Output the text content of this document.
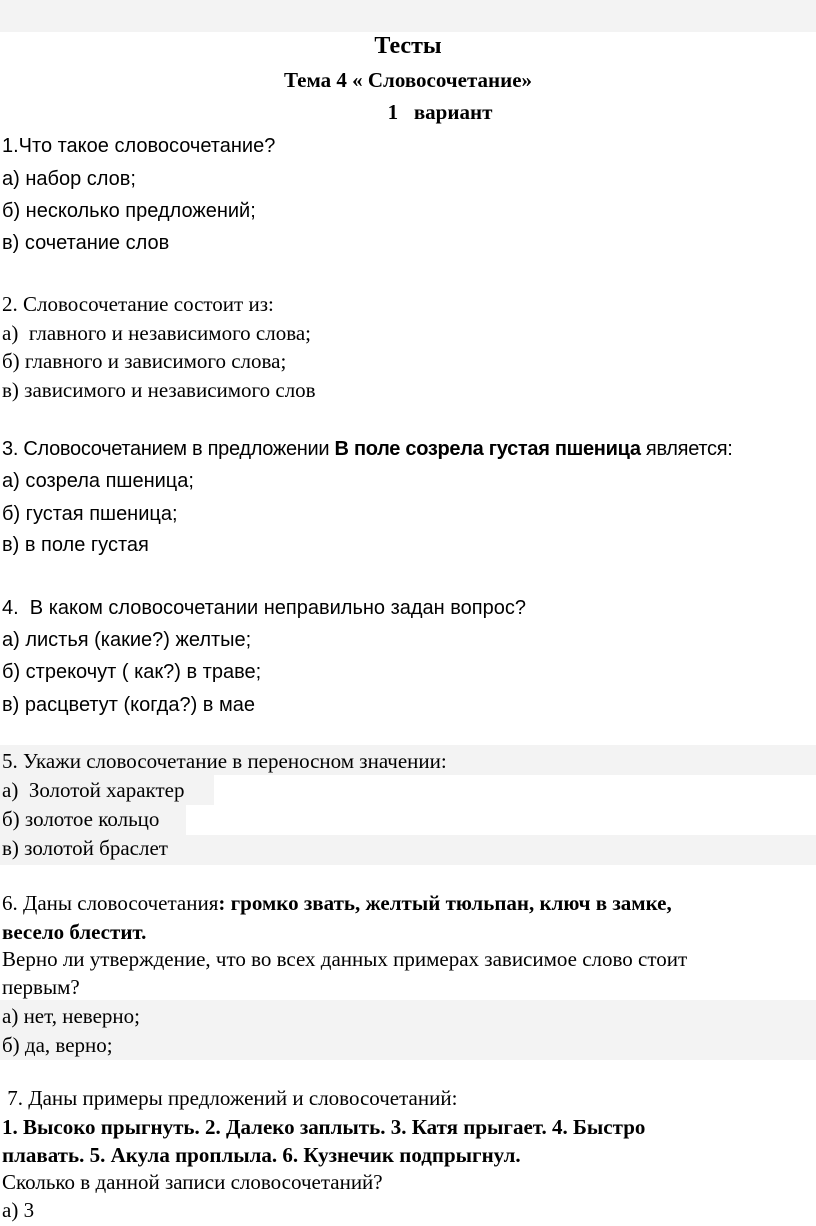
Тесты
Тема 4 « Словосочетание»
1   вариант
1.Что такое словосочетание?
а) набор слов;
б) несколько предложений;
в) сочетание слов
2. Словосочетание состоит из:
а)  главного и независимого слова;
б) главного и зависимого слова;
в) зависимого и независимого слов
3. Словосочетанием в предложении В поле созрела густая пшеница является:
а) созрела пшеница;
б) густая пшеница;
в) в поле густая
4.  В каком словосочетании неправильно задан вопрос?
а) листья (какие?) желтые;
б) стрекочут ( как?) в траве;
в) расцветут (когда?) в мае
5. Укажи словосочетание в переносном значении:
а)  Золотой характер
б) золотое кольцо
в) золотой браслет
6. Даны словосочетания: громко звать, желтый тюльпан, ключ в замке,
весело блестит.
Верно ли утверждение, что во всех данных примерах зависимое слово стоит
первым?
а) нет, неверно;
б) да, верно;
7. Даны примеры предложений и словосочетаний:
1. Высоко прыгнуть. 2. Далеко заплыть. 3. Катя прыгает. 4. Быстро
плавать. 5. Акула проплыла. 6. Кузнечик подпрыгнул.
Сколько в данной записи словосочетаний?
а) 3
